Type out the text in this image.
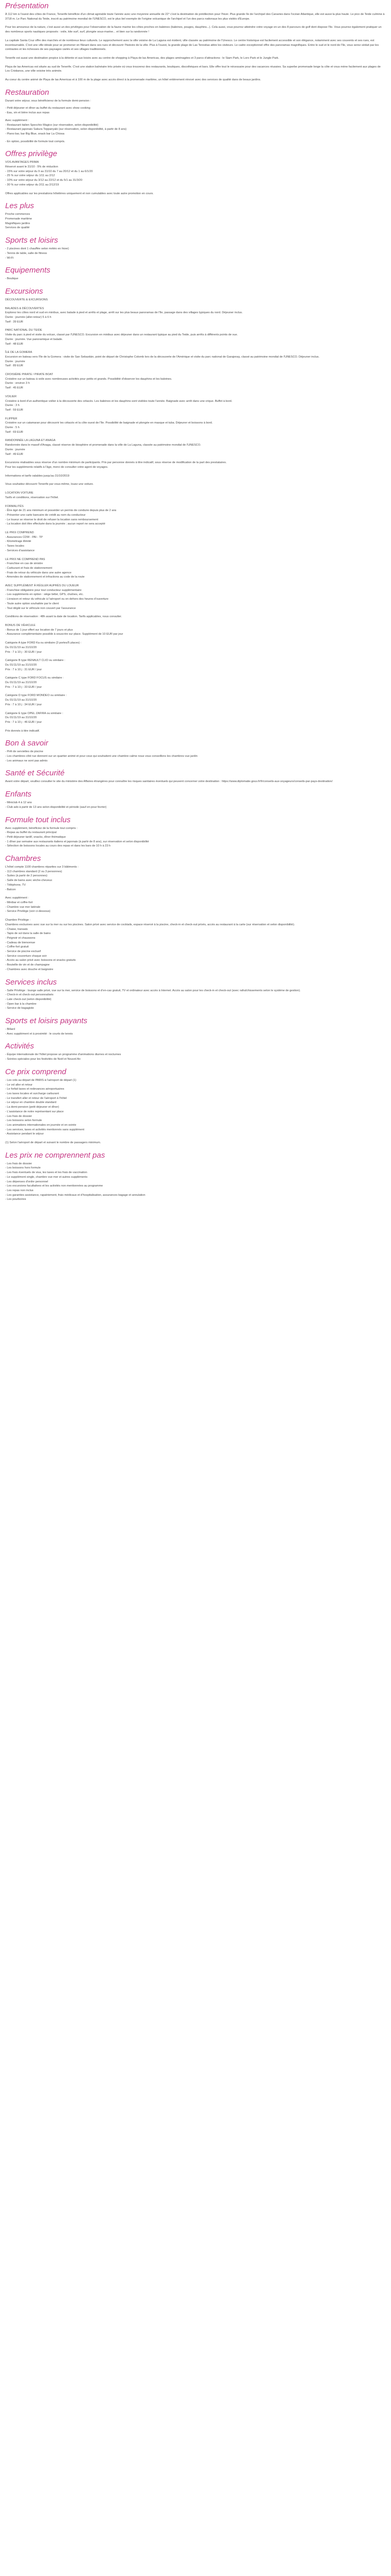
Présentation
À 112 km à l'ouest des côtes de France, Tenerife bénéficie d'un climat agréable toute l'année avec une moyenne annuelle de 22° c'est la destination de prédilection pour l'hiver. Plus grande île de l'archipel des Canaries dans l'océan Atlantique, elle est aussi la plus haute. Le pico de Teide culmine à 3718 m. Le Parc National du Teide, inscrit au patrimoine mondial de l'UNESCO, est le plus bel exemple de l'origine volcanique de l'archipel et l'un des parcs nationaux les plus visités d'Europe.
Pour les amoureux de la nature, c'est aussi un des privilèges pour l'observation de la faune marine les côtes proches en baleines (baleines, pouges, dauphins...). Cela aussi, vous pourrez atteindre votre voyage en un des 8 parcours de golf dont dispose l'île. Vous pourrez également pratiquer un des nombreux sports nautiques proposés : voile, kite surf, surf, plongée sous-marine... et bien sur la randonnée !
La capitale Santa Cruz offre des marchés et de nombreux lieux culturels. Le rapprochement avec la ville voisine de La Laguna est évident, ville classée au patrimoine de l'Unesco. Le centre historique est facilement accessible et son élégance, notamment avec ses couvents et ses rues, est incontournable. C'est une ville idéale pour se promener en flânant dans ses rues et découvrir l'histoire de la ville. Plus à l'ouest, la grande plage de Las Teresitas attire les visiteurs. Le cadre exceptionnel offre des panoramas magnifiques. Entre le sud et le nord de l'île, vous serez séduit par les contrastes et les richesses de ses paysages variés et ses villages traditionnels.
Tenerife est aussi une destination propice à la détente et aux loisirs avec au centre de shopping à Playa de las Americas, des plages aménagées et 3 parcs d'attractions : le Siam Park, le Loro Park et le Jungle Park.
Playa de las Americas est située au sud de Tenerife. C'est une station balnéaire très prisée où vous trouverez des restaurants, boutiques, discothèques et bars. Elle offre tout le nécessaire pour des vacances réussies. Sa superbe promenade longe la côte et vous mène facilement aux plages de Los Cristianos, une ville voisine très animée.
Au coeur du centre animé de Playa de las Americas et à 100 m de la plage avec accès direct à la promenade maritime, un hôtel entièrement rénové avec des services de qualité dans de beaux jardins.
Restauration
Durant votre séjour, vous bénéficierez de la formule demi-pension :
- Petit déjeuner et dîner au buffet du restaurant avec show cooking
- Eau, vin et bière inclus aux repas
Avec supplément :
- Restaurant italien Specchio Magico (sur réservation, selon disponibilité)
- Restaurant japonais Sakura Teppanyaki (sur réservation, selon disponibilité, à partir de 8 ans)
- Piano bar, bar Big Blue, snack bar La Chiosa
- En option, possibilité de formule tout compris.
Offres privilège
VOS AVANTAGES PRIMA
Réservé avant le 31/10 : 5% de réduction
- 15% sur votre séjour du 9 au 31/10 du 7 au 20/12 et du 1 au 6/1/20
- 25 % sur votre séjour du 1/11 au 2/12
- 10% sur votre séjour du 3/12 au 22/12 et du 5/1 au 31/3/20
- 30 % sur votre séjour du 2/11 au 2/12/19
Offres applicables sur les prestations hôtelières uniquement et non cumulables avec toute autre promotion en cours.
Les plus
Proche commerces
Promenade maritime
Magnifiques jardins
Services de qualité
Sports et loisirs
- 2 piscines dont 1 chauffée selon météo en hiver)
- Tennis de table, salle de fitness
- Wi-Fi
Equipements
- Boutique
Excursions
DÉCOUVERTE & EXCURSIONS
BALADES & DÉCOUVERTES
Explorez les côtes nord et sud en minibus, avec balade à pied et arrêts et plage, arrêt sur les plus beaux panoramas de l'île, passage dans des villages typiques du nord. Déjeuner inclus.
Durée : journée (aller-retour) 5 à 6 h
Tarif : 39 EUR
PARC NATIONAL DU TEIDE
Visite du parc à pied et visite du volcan, classé par l'UNESCO. Excursion en minibus avec déjeuner dans un restaurant typique au pied du Teide, puis arrêts à différents points de vue.
Durée : journée. Vue panoramique et balade.
Tarif : 48 EUR
ÎLE DE LA GOMERA
Excursion en bateau vers l'île de la Gomera : visite de San Sebastián, point de départ de Christophe Colomb lors de la découverte de l'Amérique et visite du parc national de Garajonay, classé au patrimoine mondial de l'UNESCO. Déjeuner inclus.
Durée : journée
Tarif : 89 EUR
CROISIÈRE PIRATE / PIRATE BOAT
Croisière sur un bateau à voile avec nombreuses activités pour petits et grands. Possibilité d'observer les dauphins et les baleines.
Durée : environ 3 h
Tarif : 45 EUR
VOILIER
Croisière à bord d'un authentique voilier à la découverte des cétacés. Les baleines et les dauphins sont visibles toute l'année. Baignade avec arrêt dans une crique. Buffet à bord.
Durée : 3 h
Tarif : 59 EUR
FLIPPER
Croisière sur un catamaran pour découvrir les cétacés et la côte ouest de l'île. Possibilité de baignade et plongée en masque et tuba. Déjeuner et boissons à bord.
Durée : 5 h
Tarif : 69 EUR
RANDONNÉE LA LAGUNA ET ANAGA
Randonnée dans le massif d'Anaga, classé réserve de biosphère et promenade dans la ville de La Laguna, classée au patrimoine mondial de l'UNESCO.
Durée : journée
Tarif : 49 EUR
Excursions réalisables sous réserve d'un nombre minimum de participants. Prix par personne donnés à titre indicatif, sous réserve de modification de la part des prestataires.
Pour les suppléments relatifs à l'âge, merci de consulter votre agent de voyages.
Informations et tarifs valables jusqu'au 31/10/2019
Vous souhaitez découvrir Tenerife par vous-même, louez une voiture.
LOCATION VOITURE
Tarifs et conditions, réservation sur l'hôtel.
FORMALITÉS
- Être âgé de 21 ans minimum et posséder un permis de conduire depuis plus de 2 ans
- Présenter une carte bancaire de crédit au nom du conducteur
- Le loueur se réserve le droit de refuser la location sans remboursement
- La location doit être effectuée dans la journée ; aucun report ne sera accepté
LE PRIX COMPREND
- Assurances CDW - PAI - TP
- Kilométrage illimité
- Taxes locales
- Services d'assistance
LE PRIX NE COMPREND PAS
- Franchise en cas de sinistre
- Carburant et frais de stationnement
- Frais de retour du véhicule dans une autre agence
- Amendes de stationnement et infractions au code de la route
AVEC SUPPLÉMENT À RÉGLER AUPRÈS DU LOUEUR
- Franchise obligatoire pour tout conducteur supplémentaire
- Les suppléments en option : siège bébé, GPS, chaînes, etc.
- Livraison et retour du véhicule à l'aéroport ou en dehors des heures d'ouverture
- Toute autre option souhaitée par le client
- Tout dégât sur le véhicule non couvert par l'assurance
Conditions de réservation : 48h avant la date de location. Tarifs applicables, nous consulter.
BONUS DE VÉHICULE
- Bonus de 1 jour offert sur location de 7 jours et plus
- Assurance complémentaire possible à souscrire sur place. Supplément de 10 EUR par jour
Catégorie A type FORD Ka ou similaire (3 portes/5 places) :
Du 01/11/19 au 31/10/20
Prix : 7 à 10 j : 30 EUR / jour
Catégorie B type RENAULT CLIO ou similaire :
Du 01/11/19 au 31/10/20
Prix : 7 à 10 j : 31 EUR / jour
Catégorie C type FORD FOCUS ou similaire :
Du 01/11/19 au 31/10/20
Prix : 7 à 10 j : 33 EUR / jour
Catégorie D type FORD MONDEO ou similaire :
Du 01/11/19 au 31/10/20
Prix : 7 à 10 j : 34 EUR / jour
Catégorie E type OPEL ZAFIRA ou similaire :
Du 01/11/19 au 31/10/20
Prix : 7 à 10 j : 46 EUR / jour
Prix donnés à titre indicatif.
Bon à savoir
- Prêt de serviettes de piscine
- Les chambres côté rue donnent sur un quartier animé et pour ceux qui souhaitent une chambre calme nous vous conseillons les chambres vue jardin
- Les animaux ne sont pas admis
Santé et Sécurité
Avant votre départ, veuillez consulter le site du ministère des Affaires étrangères pour connaître les risques sanitaires éventuels qui peuvent concerner votre destination : https://www.diplomatie.gouv.fr/fr/conseils-aux-voyageurs/conseils-par-pays-destination/
Enfants
- Miniclub 4 à 12 ans
- Club ado à partir de 13 ans selon disponibilité et période (sauf en pour fevrier)
Formule tout inclus
Avec supplément, bénéficiez de la formule tout compris :
- Repas au buffet du restaurant principal
- Petit déjeuner tardif, snacks, dîner thématique
- 1 dîner par semaine aux restaurants italiens et japonais (à partir de 8 ans), sur réservation et selon disponibilité
- Sélection de boissons locales au cours des repas et dans les bars de 10 h à 23 h
Chambres
L'hôtel compte 1100 chambres réparties sur 3 bâtiments :
- 113 chambres standard (2 ou 3 personnes)
- Suites (à partir de 2 personnes)
- Salle de bains avec sèche-cheveux
- Téléphone, TV
- Balcon
Avec supplément :
- Minibar et coffre-fort
- Chambre vue mer latérale
- Service Privilège (voir ci-dessous)
Chambre Privilège :
Chambres exclusives avec vue sur la mer ou sur les piscines. Salon privé avec service de cocktails, espace réservé à la piscine, check-in et check-out privés, accès au restaurant à la carte (sur réservation et selon disponibilité).
- Chaise, transats
- Tapis de sol dans la salle de bains
- Peignoir et chaussons
- Cadeau de bienvenue
- Coffre-fort gratuit
- Service de piscine exclusif
- Service couverture chaque soir
- Accès au salon privé avec boissons et snacks gratuits
- Bouteille de vin et de champagne
- Chambres avec douche et baignoire
Services inclus
- Salle Privilège : lounge salle privé, vue sur la mer, service de boissons et d'en-cas gratuit, TV et ordinateur avec accès à Internet. Accès au salon pour les check-in et check-out (avec rafraîchissements selon le système de gestion).
- Check-in et check-out personnalisés
- Late check-out (selon disponibilité)
- Open bar à la chambre
- Service de bagagiste
Sports et loisirs payants
- Billard
- Avec supplément et à proximité : le courts de tennis
Activités
- Équipe internationale de l'hôtel propose un programme d'animations diurnes et nocturnes
- Soirées spéciales pour les festivités de Noël et Nouvel An
Ce prix comprend
- Les vols au départ de PARIS à l'aéroport de départ (1)
- Le vol aller et retour
- Le forfait taxes et redevances aéroportuaires
- Les taxes locales et surcharge carburant
- Le transfert aller et retour de l'aéroport à l'hôtel
- Le séjour en chambre double standard
- La demi-pension (petit déjeuner et dîner)
- L'assistance de notre représentant sur place
- Les frais de dossier
- Les boissons selon formule
- Les animations internationales en journée et en soirée
- Les services, taxes et activités mentionnés sans supplément
- Assistance pendant le séjour
(1) Selon l'aéroport de départ et suivant le nombre de passagers minimum.
Les prix ne comprennent pas
- Les frais de dossier
- Les boissons hors formule
- Les frais éventuels de visa, les taxes et les frais de vaccination
- Le supplément single, chambre vue mer et autres suppléments
- Les dépenses d'ordre personnel
- Les excursions facultatives et les activités non mentionnées au programme
- Les repas non inclus
- Les garanties assistance, rapatriement, frais médicaux et d'hospitalisation, assurances bagage et annulation
- Les pourboires
